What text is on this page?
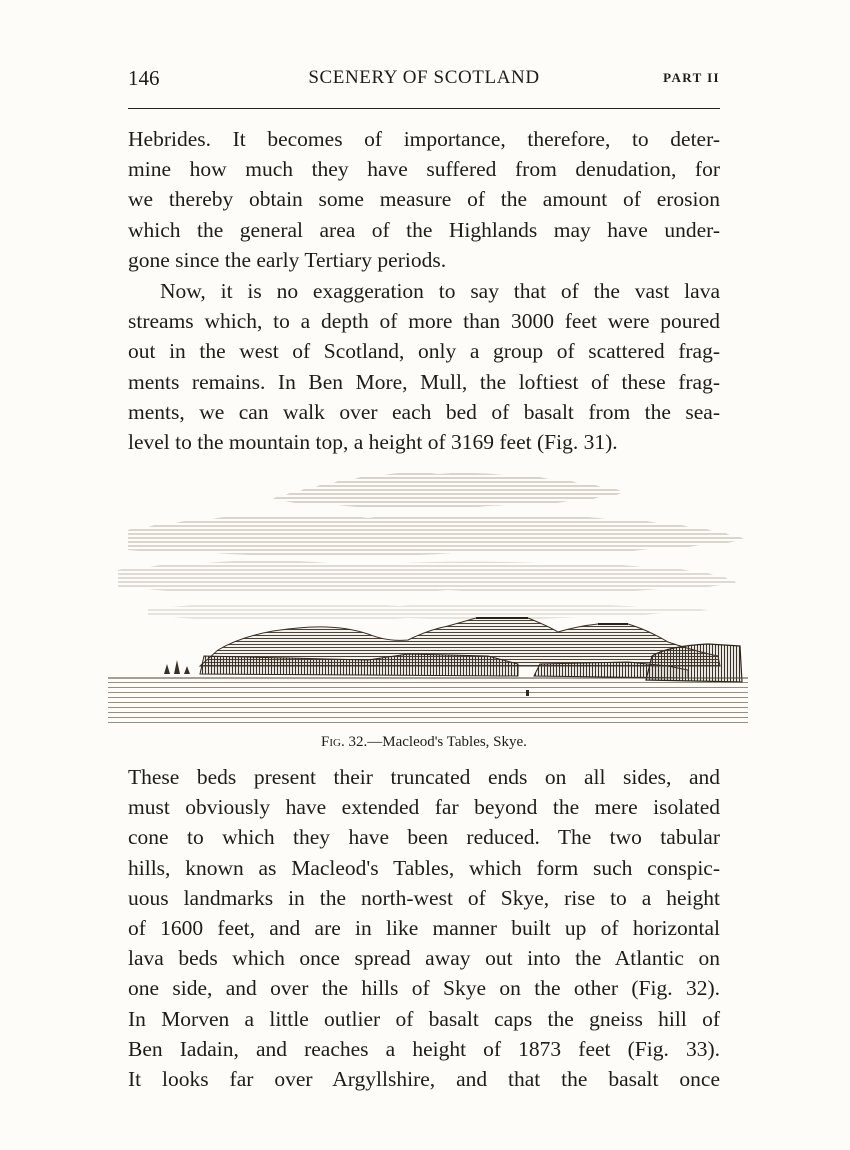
146	SCENERY OF SCOTLAND	PART II
Hebrides. It becomes of importance, therefore, to deter-
mine how much they have suffered from denudation, for
we thereby obtain some measure of the amount of erosion
which the general area of the Highlands may have under-
gone since the early Tertiary periods.
Now, it is no exaggeration to say that of the vast lava
streams which, to a depth of more than 3000 feet were poured
out in the west of Scotland, only a group of scattered frag-
ments remains. In Ben More, Mull, the loftiest of these frag-
ments, we can walk over each bed of basalt from the sea-
level to the mountain top, a height of 3169 feet (Fig. 31).
Fig. 32.—Macleod's Tables, Skye.
These beds present their truncated ends on all sides, and
must obviously have extended far beyond the mere isolated
cone to which they have been reduced. The two tabular
hills, known as Macleod's Tables, which form such conspic-
uous landmarks in the north-west of Skye, rise to a height
of 1600 feet, and are in like manner built up of horizontal
lava beds which once spread away out into the Atlantic on
one side, and over the hills of Skye on the other (Fig. 32).
In Morven a little outlier of basalt caps the gneiss hill of
Ben Iadain, and reaches a height of 1873 feet (Fig. 33).
It looks far over Argyllshire, and that the basalt once
